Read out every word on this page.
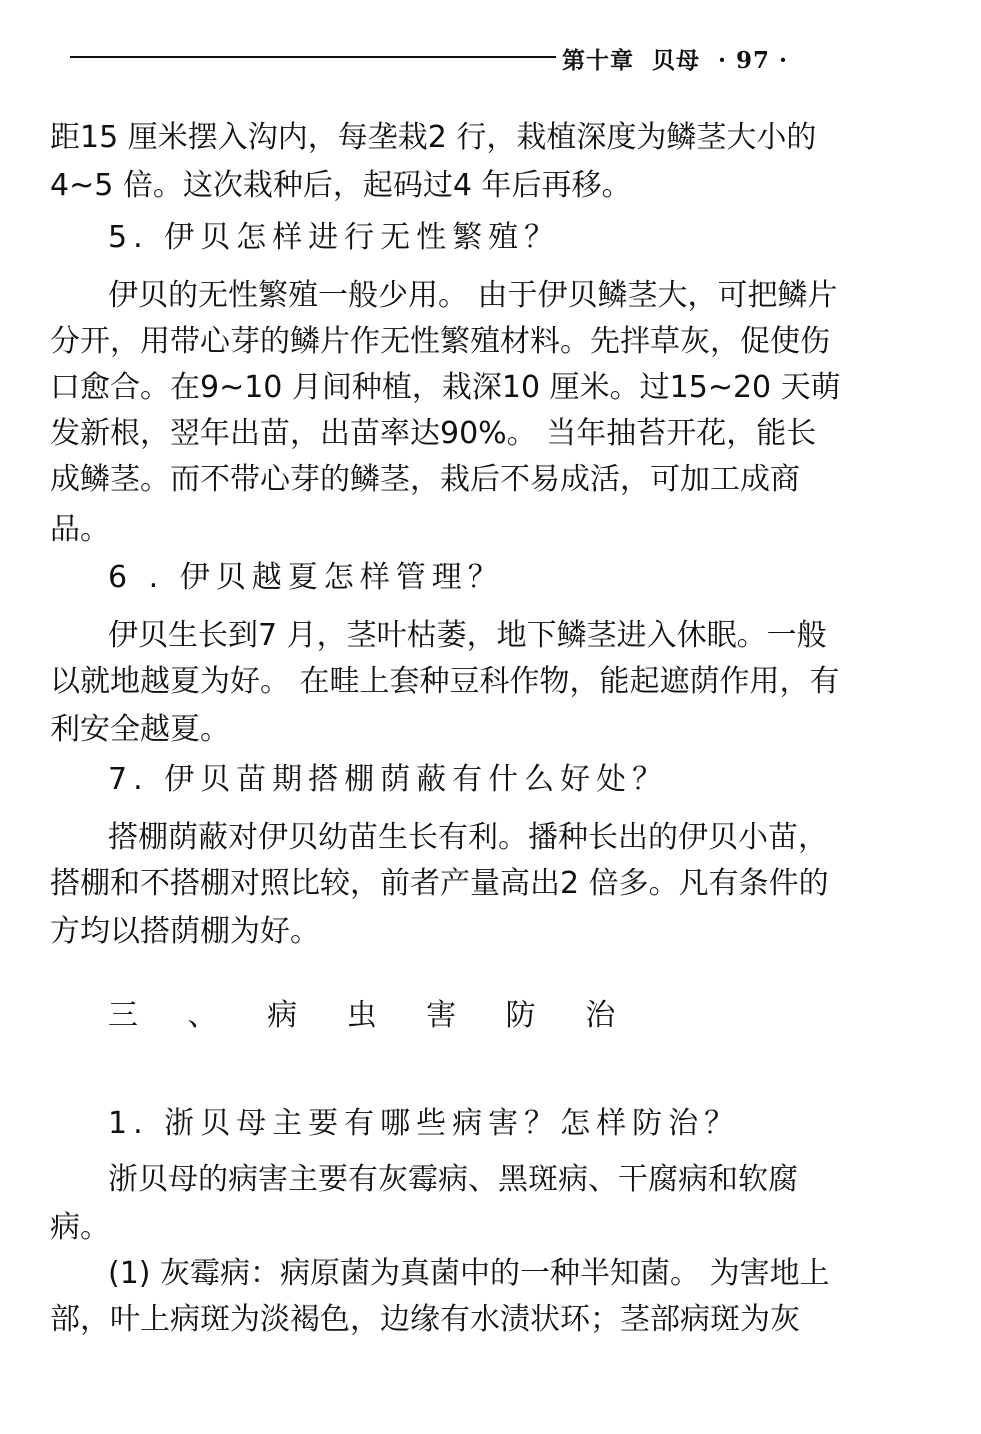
第十章  贝母  · 97 ·
距15 厘米摆入沟内，每垄栽2 行，栽植深度为鳞茎大小的
4~5 倍。这次栽种后，起码过4 年后再移。
5. 伊贝怎样进行无性繁殖？
伊贝的无性繁殖一般少用。 由于伊贝鳞茎大，可把鳞片
分开，用带心芽的鳞片作无性繁殖材料。先拌草灰，促使伤
口愈合。在9~10 月间种植，栽深10 厘米。过15~20 天萌
发新根，翌年出苗，出苗率达90%。 当年抽苔开花，能长
成鳞茎。而不带心芽的鳞茎，栽后不易成活，可加工成商
品。
6 . 伊贝越夏怎样管理？
伊贝生长到7 月，茎叶枯萎，地下鳞茎进入休眠。一般
以就地越夏为好。 在畦上套种豆科作物，能起遮荫作用，有
利安全越夏。
7. 伊贝苗期搭棚荫蔽有什么好处？
搭棚荫蔽对伊贝幼苗生长有利。播种长出的伊贝小苗，
搭棚和不搭棚对照比较，前者产量高出2 倍多。凡有条件的
方均以搭荫棚为好。
三 、 病 虫 害 防 治
1. 浙贝母主要有哪些病害？怎样防治？
浙贝母的病害主要有灰霉病、黑斑病、干腐病和软腐
病。
(1) 灰霉病：病原菌为真菌中的一种半知菌。 为害地上
部，叶上病斑为淡褐色，边缘有水渍状环；茎部病斑为灰
